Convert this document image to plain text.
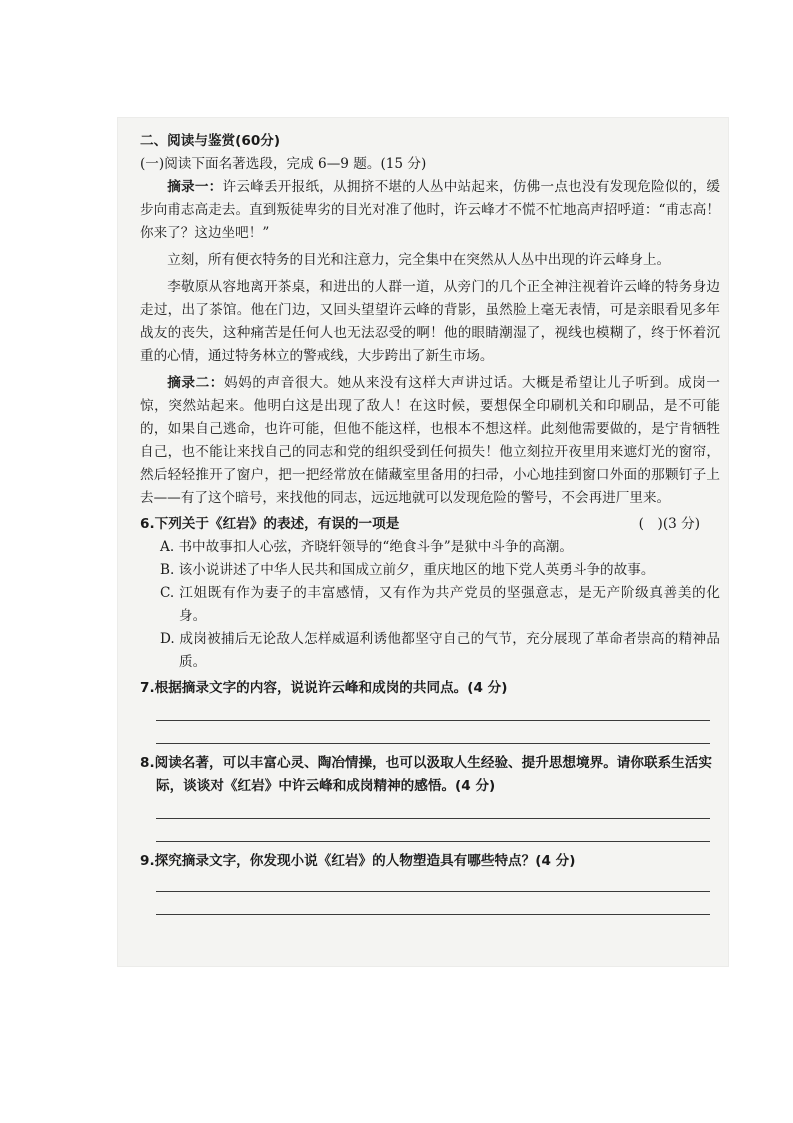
二、阅读与鉴赏(60分)

(一)阅读下面名著选段，完成 6—9 题。(15 分)

摘录一：许云峰丢开报纸，从拥挤不堪的人丛中站起来，仿佛一点也没有发现危险似的，缓步向甫志高走去。直到叛徒卑劣的目光对准了他时，许云峰才不慌不忙地高声招呼道：“甫志高！你来了？这边坐吧！”

立刻，所有便衣特务的目光和注意力，完全集中在突然从人丛中出现的许云峰身上。

李敬原从容地离开茶桌，和进出的人群一道，从旁门的几个正全神注视着许云峰的特务身边走过，出了茶馆。他在门边，又回头望望许云峰的背影，虽然脸上毫无表情，可是亲眼看见多年战友的丧失，这种痛苦是任何人也无法忍受的啊！他的眼睛潮湿了，视线也模糊了，终于怀着沉重的心情，通过特务林立的警戒线，大步跨出了新生市场。

摘录二：妈妈的声音很大。她从来没有这样大声讲过话。大概是希望让儿子听到。成岗一惊，突然站起来。他明白这是出现了敌人！在这时候，要想保全印刷机关和印刷品，是不可能的，如果自己逃命，也许可能，但他不能这样，也根本不想这样。此刻他需要做的，是宁肯牺牲自己，也不能让来找自己的同志和党的组织受到任何损失！他立刻拉开夜里用来遮灯光的窗帘，然后轻轻推开了窗户，把一把经常放在储藏室里备用的扫帚，小心地挂到窗口外面的那颗钉子上去——有了这个暗号，来找他的同志，远远地就可以发现危险的警号，不会再进厂里来。

6.下列关于《红岩》的表述，有误的一项是	(　)(3 分)

A. 书中故事扣人心弦，齐晓轩领导的“绝食斗争”是狱中斗争的高潮。

B. 该小说讲述了中华人民共和国成立前夕，重庆地区的地下党人英勇斗争的故事。

C. 江姐既有作为妻子的丰富感情，又有作为共产党员的坚强意志，是无产阶级真善美的化身。

D. 成岗被捕后无论敌人怎样威逼利诱他都坚守自己的气节，充分展现了革命者崇高的精神品质。

7.根据摘录文字的内容，说说许云峰和成岗的共同点。(4 分)
8.阅读名著，可以丰富心灵、陶冶情操，也可以汲取人生经验、提升思想境界。请你联系生活实际，谈谈对《红岩》中许云峰和成岗精神的感悟。(4 分)
9.探究摘录文字，你发现小说《红岩》的人物塑造具有哪些特点？(4 分)
